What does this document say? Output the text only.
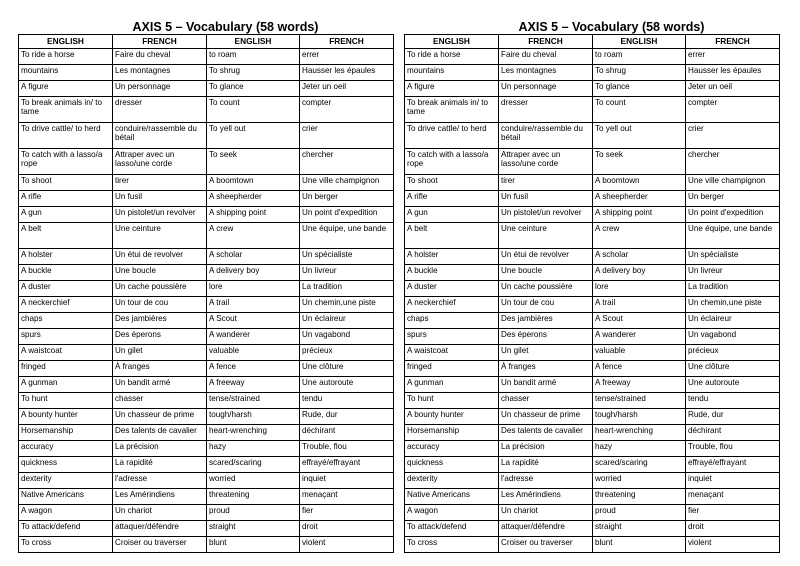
AXIS 5 – Vocabulary (58 words)
ENGLISH	FRENCH	ENGLISH	FRENCH
To ride a horse	Faire du cheval	to roam	errer
mountains	Les montagnes	To shrug	Hausser les épaules
A figure	Un personnage	To glance	Jeter un oeil
To break animals in/ to tame	dresser	To count	compter
To drive cattle/ to herd	conduire/rassemble du bétail	To yell out	crier
To catch with a lasso/a rope	Attraper avec un lasso/une corde	To seek	chercher
To shoot	tirer	A boomtown	Une ville champignon
A rifle	Un fusil	A sheepherder	Un berger
A gun	Un pistolet/un revolver	A shipping point	Un point d'expedition
A belt	Une ceinture	A crew	Une équipe, une bande
A holster	Un étui de revolver	A scholar	Un spécialiste
A buckle	Une boucle	A delivery boy	Un livreur
A duster	Un cache poussière	lore	La tradition
A neckerchief	Un tour de cou	A trail	Un chemin,une piste
chaps	Des jambières	A Scout	Un éclaireur
spurs	Des éperons	A wanderer	Un vagabond
A waistcoat	Un gilet	valuable	précieux
fringed	À franges	A fence	Une clôture
A gunman	Un bandit armé	A freeway	Une autoroute
To hunt	chasser	tense/strained	tendu
A bounty hunter	Un chasseur de prime	tough/harsh	Rude, dur
Horsemanship	Des talents de cavalier	heart-wrenching	déchirant
accuracy	La précision	hazy	Trouble, flou
quickness	La rapidité	scared/scaring	effrayé/effrayant
dexterity	l'adresse	worried	inquiet
Native Americans	Les Amérindiens	threatening	menaçant
A wagon	Un chariot	proud	fier
To attack/defend	attaquer/défendre	straight	droit
To cross	Croiser ou traverser	blunt	violent
AXIS 5 – Vocabulary (58 words)
ENGLISH	FRENCH	ENGLISH	FRENCH
To ride a horse	Faire du cheval	to roam	errer
mountains	Les montagnes	To shrug	Hausser les épaules
A figure	Un personnage	To glance	Jeter un oeil
To break animals in/ to tame	dresser	To count	compter
To drive cattle/ to herd	conduire/rassemble du bétail	To yell out	crier
To catch with a lasso/a rope	Attraper avec un lasso/une corde	To seek	chercher
To shoot	tirer	A boomtown	Une ville champignon
A rifle	Un fusil	A sheepherder	Un berger
A gun	Un pistolet/un revolver	A shipping point	Un point d'expedition
A belt	Une ceinture	A crew	Une équipe, une bande
A holster	Un étui de revolver	A scholar	Un spécialiste
A buckle	Une boucle	A delivery boy	Un livreur
A duster	Un cache poussière	lore	La tradition
A neckerchief	Un tour de cou	A trail	Un chemin,une piste
chaps	Des jambières	A Scout	Un éclaireur
spurs	Des éperons	A wanderer	Un vagabond
A waistcoat	Un gilet	valuable	précieux
fringed	À franges	A fence	Une clôture
A gunman	Un bandit armé	A freeway	Une autoroute
To hunt	chasser	tense/strained	tendu
A bounty hunter	Un chasseur de prime	tough/harsh	Rude, dur
Horsemanship	Des talents de cavalier	heart-wrenching	déchirant
accuracy	La précision	hazy	Trouble, flou
quickness	La rapidité	scared/scaring	effrayé/effrayant
dexterity	l'adresse	worried	inquiet
Native Americans	Les Amérindiens	threatening	menaçant
A wagon	Un chariot	proud	fier
To attack/defend	attaquer/défendre	straight	droit
To cross	Croiser ou traverser	blunt	violent
